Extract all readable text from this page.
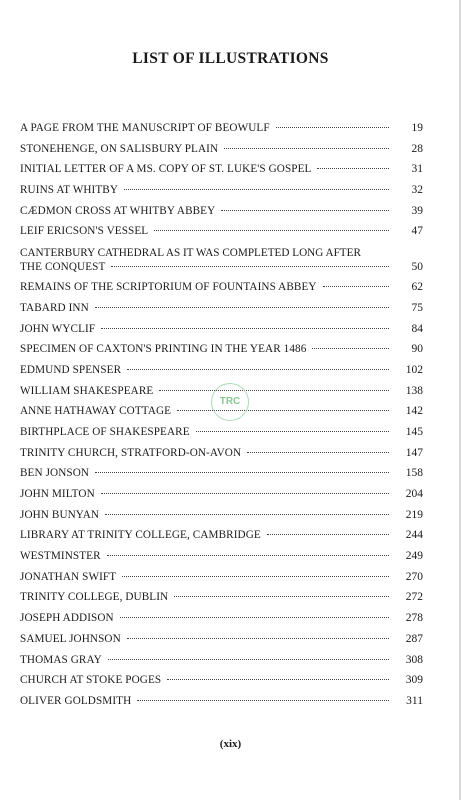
LIST OF ILLUSTRATIONS
A PAGE FROM THE MANUSCRIPT OF BEOWULF	19
STONEHENGE, ON SALISBURY PLAIN	28
INITIAL LETTER OF A MS. COPY OF ST. LUKE'S GOSPEL	31
RUINS AT WHITBY	32
CÆDMON CROSS AT WHITBY ABBEY	39
LEIF ERICSON'S VESSEL	47
CANTERBURY CATHEDRAL AS IT WAS COMPLETED LONG AFTER
THE CONQUEST	50
REMAINS OF THE SCRIPTORIUM OF FOUNTAINS ABBEY	62
TABARD INN	75
JOHN WYCLIF	84
SPECIMEN OF CAXTON'S PRINTING IN THE YEAR 1486	90
EDMUND SPENSER	102
WILLIAM SHAKESPEARE	138
ANNE HATHAWAY COTTAGE	142
BIRTHPLACE OF SHAKESPEARE	145
TRINITY CHURCH, STRATFORD-ON-AVON	147
BEN JONSON	158
JOHN MILTON	204
JOHN BUNYAN	219
LIBRARY AT TRINITY COLLEGE, CAMBRIDGE	244
WESTMINSTER	249
JONATHAN SWIFT	270
TRINITY COLLEGE, DUBLIN	272
JOSEPH ADDISON	278
SAMUEL JOHNSON	287
THOMAS GRAY	308
CHURCH AT STOKE POGES	309
OLIVER GOLDSMITH	311
TRC
(xix)
